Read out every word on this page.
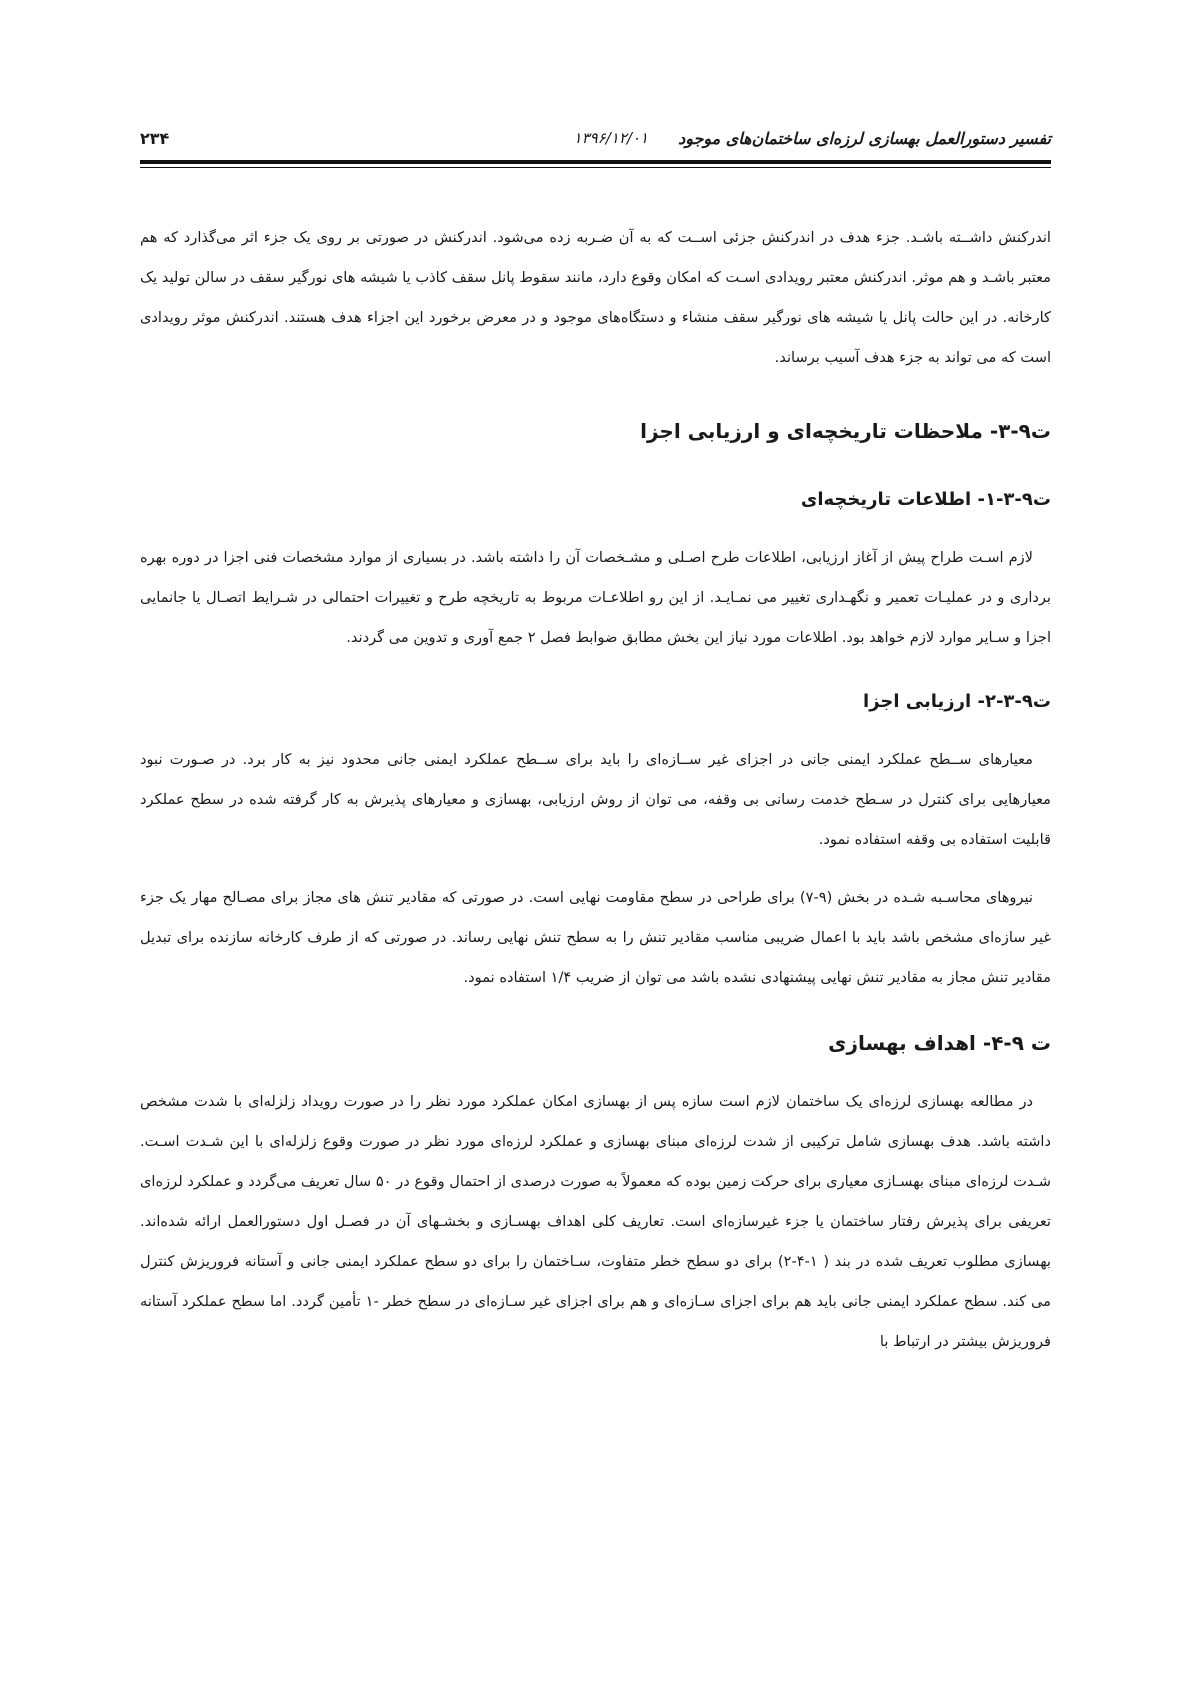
تفسیر دستورالعمل بهسازی لرزه‌ای ساختمان‌های موجود
۱۳۹۶/۱۲/۰۱
۲۳۴

اندرکنش داشــته باشـد. جزء هدف در اندرکنش جزئی اســت که به آن ضـربه زده می‌شود. اندرکنش در صورتی بر روی یک جزء اثر می‌گذارد که هم معتبر باشـد و هم موثر. اندرکنش معتبر رویدادی اسـت که امکان وقوع دارد، مانند سقوط پانل سقف کاذب یا شیشه های نورگیر سقف در سالن تولید یک کارخانه. در این حالت پانل یا شیشه های نورگیر سقف منشاء و دستگاه‌های موجود و در معرض برخورد این اجزاء هدف هستند. اندرکنش موثر رویدادی است که می تواند به جزء هدف آسیب برساند.

ت۹-۳- ملاحظات تاریخچه‌ای و ارزیابی اجزا
ت۹-۳-۱- اطلاعات تاریخچه‌ای

لازم اسـت طراح پیش از آغاز ارزیابی، اطلاعات طرح اصـلی و مشـخصات آن را داشته باشد. در بسیاری از موارد مشخصات فنی اجزا در دوره بهره برداری و در عملیـات تعمیر و نگهـداری تغییر می نمـایـد. از این رو اطلاعـات مربوط به تاریخچه طرح و تغییرات احتمالی در شـرایط اتصـال یا جانمایی اجزا و سـایر موارد لازم خواهد بود. اطلاعات مورد نیاز این بخش مطابق ضوابط فصل ۲ جمع آوری و تدوین می گردند.

ت۹-۳-۲- ارزیابی اجزا

معیارهای ســطح عملکرد ایمنی جانی در اجزای غیر ســازه‌ای را باید برای ســطح عملکرد ایمنی جانی محدود نیز به کار برد. در صـورت نبود معیارهایی برای کنترل در سـطح خدمت رسانی بی وقفه، می توان از روش ارزیابی، بهسازی و معیارهای پذیرش به کار گرفته شده در سطح عملکرد قابلیت استفاده بی وقفه استفاده نمود.

نیروهای محاسـبه شـده در بخش (۹-۷) برای طراحی در سطح مقاومت نهایی است. در صورتی که مقادیر تنش های مجاز برای مصـالح مهار یک جزء غیر سازه‌ای مشخص باشد باید با اعمال ضریبی مناسب مقادیر تنش را به سطح تنش نهایی رساند. در صورتی که از طرف کارخانه سازنده برای تبدیل مقادیر تنش مجاز به مقادیر تنش نهایی پیشنهادی نشده باشد می توان از ضریب ۱/۴ استفاده نمود.

ت ۹-۴- اهداف بهسازی

در مطالعه بهسازی لرزه‌ای یک ساختمان لازم است سازه پس از بهسازی امکان عملکرد مورد نظر را در صورت رویداد زلزله‌ای با شدت مشخص داشته باشد. هدف بهسازی شامل ترکیبی از شدت لرزه‌ای مبنای بهسازی و عملکرد لرزه‌ای مورد نظر در صورت وقوع زلزله‌ای با این شـدت اسـت. شـدت لرزه‌ای مبنای بهسـازی معیاری برای حرکت زمین بوده که معمولاً به صورت درصدی از احتمال وقوع در ۵۰ سال تعریف می‌گردد و عملکرد لرزه‌ای تعریفی برای پذیرش رفتار ساختمان یا جزء غیرسازه‌ای است. تعاریف کلی اهداف بهسـازی و بخشـهای آن در فصـل اول دستورالعمل ارائه شده‌اند. بهسازی مطلوب تعریف شده در بند ( ۱-۴-۲) برای دو سطح خطر متفاوت، سـاختمان را برای دو سطح عملکرد ایمنی جانی و آستانه فروریزش کنترل می کند. سطح عملکرد ایمنی جانی باید هم برای اجزای سـازه‌ای و هم برای اجزای غیر سـازه‌ای در سطح خطر -۱ تأمین گردد. اما سطح عملکرد آستانه فروریزش بیشتر در ارتباط با
